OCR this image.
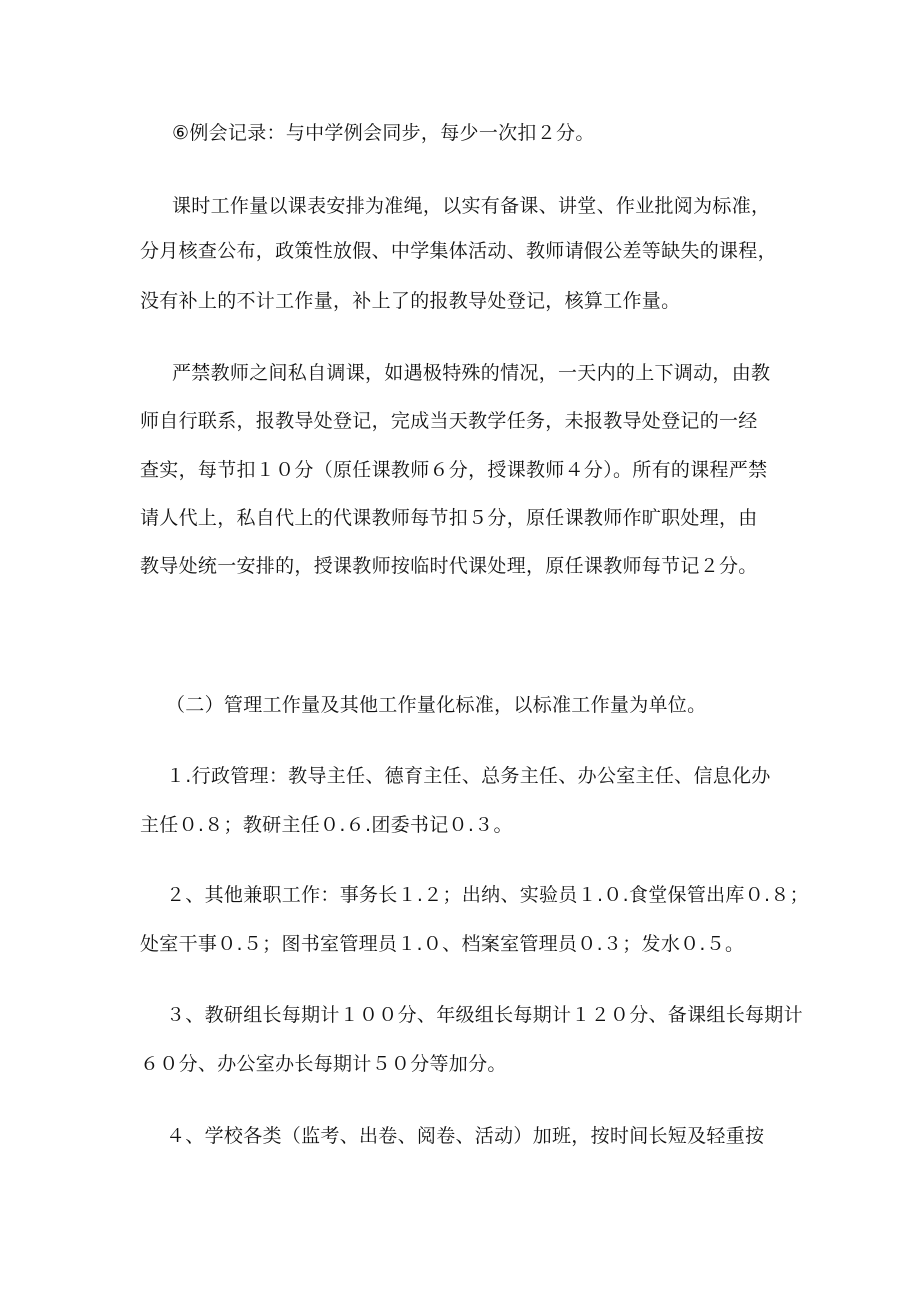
⑥例会记录：与中学例会同步，每少一次扣２分。
课时工作量以课表安排为准绳，以实有备课、讲堂、作业批阅为标准，
分月核查公布，政策性放假、中学集体活动、教师请假公差等缺失的课程，
没有补上的不计工作量，补上了的报教导处登记，核算工作量。
严禁教师之间私自调课，如遇极特殊的情况，一天内的上下调动，由教
师自行联系，报教导处登记，完成当天教学任务，未报教导处登记的一经
查实，每节扣１０分（原任课教师６分，授课教师４分）。所有的课程严禁
请人代上，私自代上的代课教师每节扣５分，原任课教师作旷职处理，由
教导处统一安排的，授课教师按临时代课处理，原任课教师每节记２分。
（二）管理工作量及其他工作量化标准，以标准工作量为单位。
１.行政管理：教导主任、德育主任、总务主任、办公室主任、信息化办
主任０.８；教研主任０.６.团委书记０.３。
２、其他兼职工作：事务长１.２；出纳、实验员１.０.食堂保管出库０.８；
处室干事０.５；图书室管理员１.０、档案室管理员０.３；发水０.５。
３、教研组长每期计１００分、年级组长每期计１２０分、备课组长每期计
６０分、办公室办长每期计５０分等加分。
４、学校各类（监考、出卷、阅卷、活动）加班，按时间长短及轻重按
